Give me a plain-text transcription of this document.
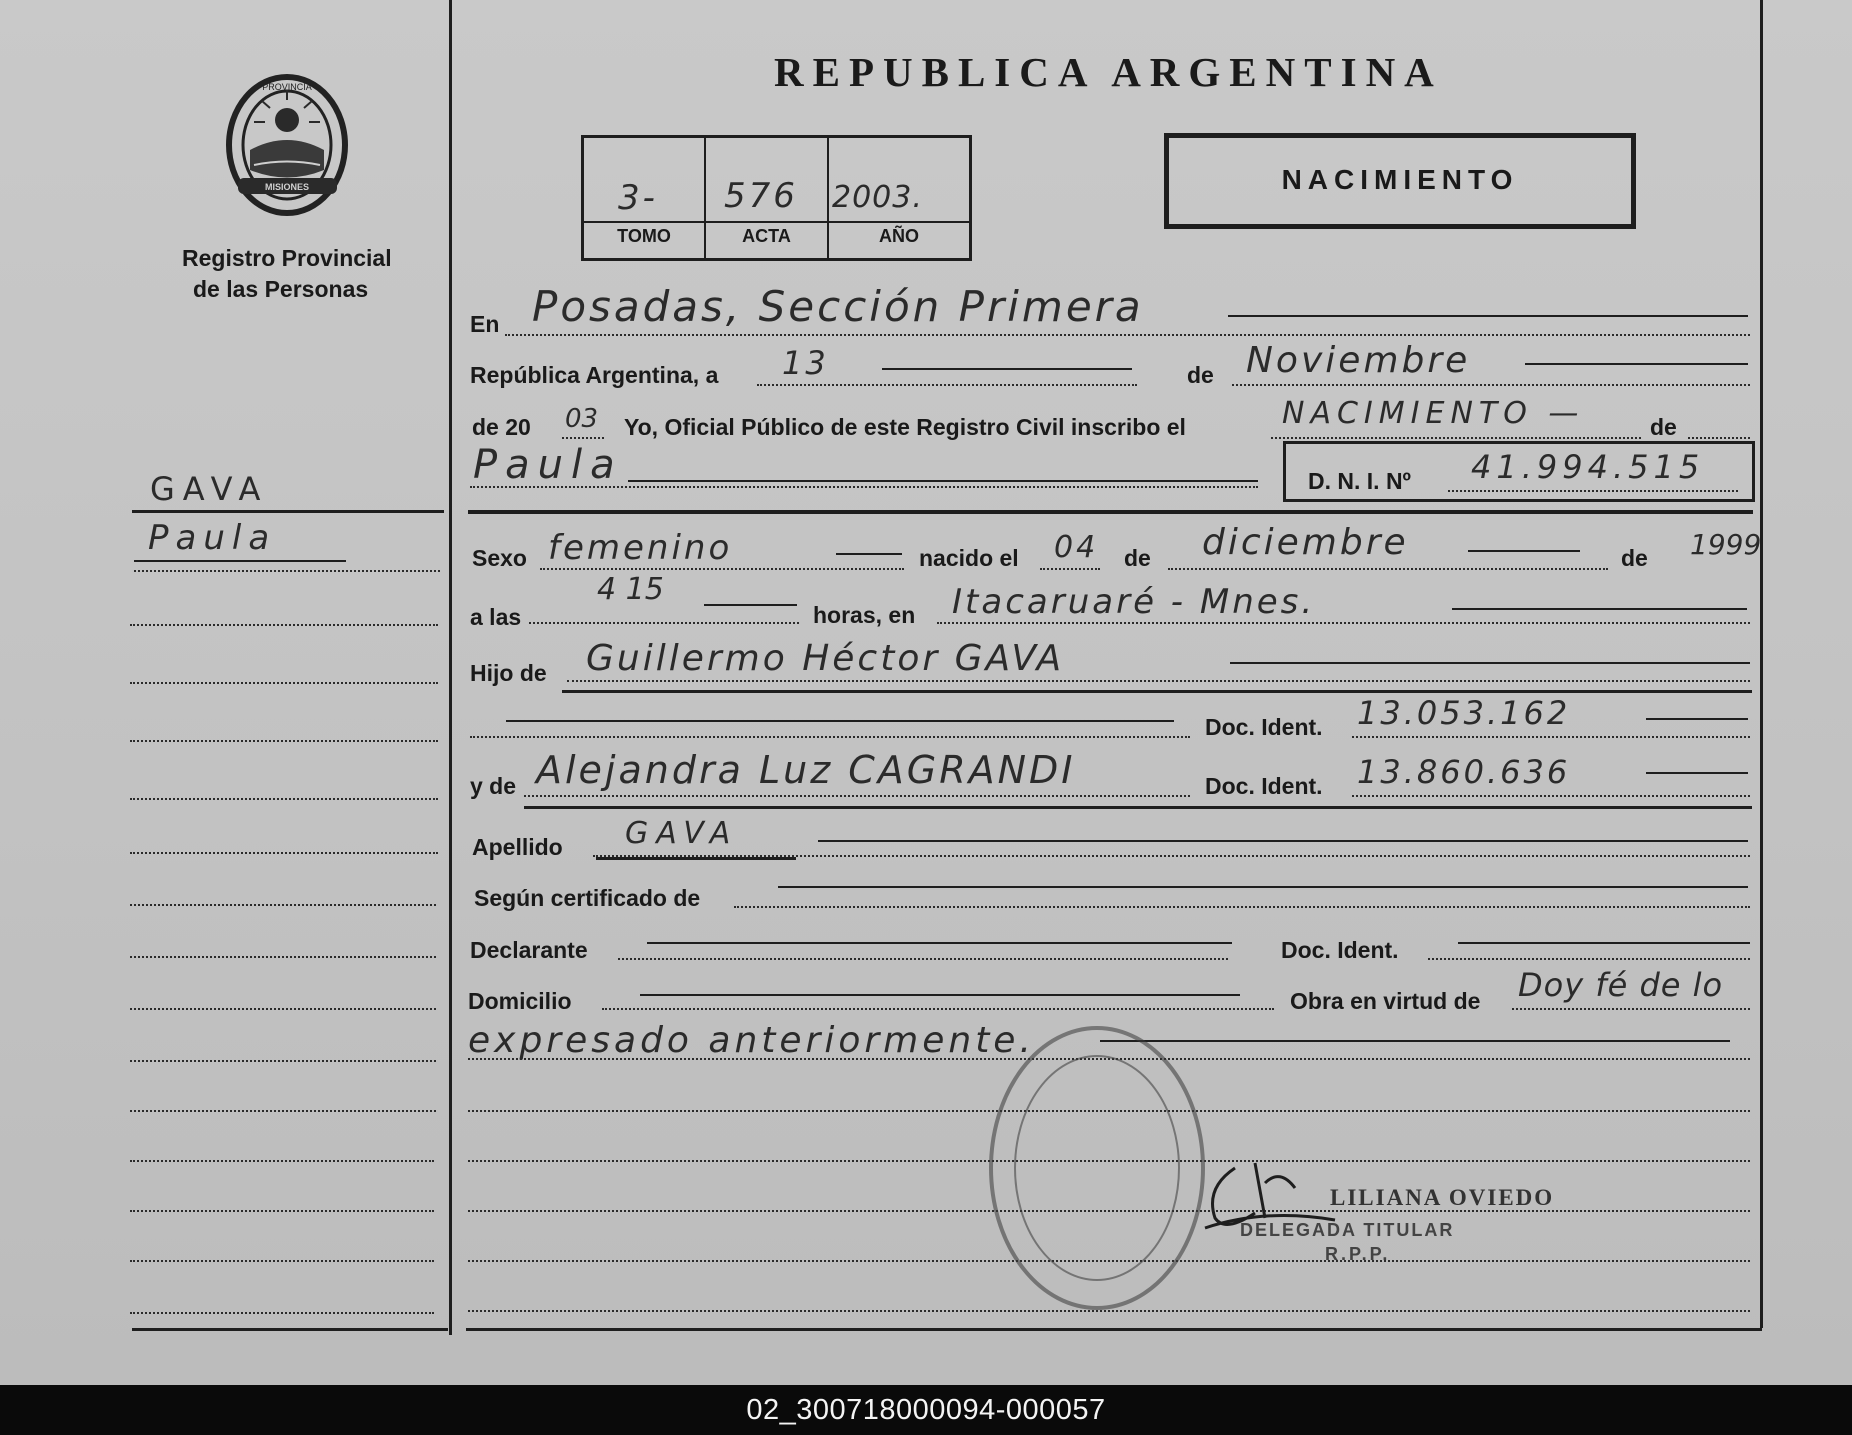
PROVINCIA
MISIONES
Registro Provincial
de las Personas
REPUBLICA ARGENTINA
3- 576 2003.
TOMO	ACTA	AÑO
NACIMIENTO
En Posadas, Sección Primera
República Argentina, a 13	de Noviembre
de 20 03 Yo, Oficial Público de este Registro Civil inscribo el	NACIMIENTO —	de
Paula	D. N. I. Nº 41.994.515
Sexo femenino	nacido el 04 de diciembre	de 1999
a las
4 15
horas, en Itacaruaré - Mnes.
Hijo de Guillermo Héctor GAVA
Doc. Ident. 13.053.162
y de Alejandra Luz CAGRANDI	Doc. Ident. 13.860.636
Apellido GAVA
Según certificado de
Declarante	Doc. Ident.
Domicilio	Obra en virtud de Doy fé de lo
expresado anteriormente.
LILIANA OVIEDO
DELEGADA TITULAR
R.P.P.
GAVA
Paula
02_300718000094-000057
